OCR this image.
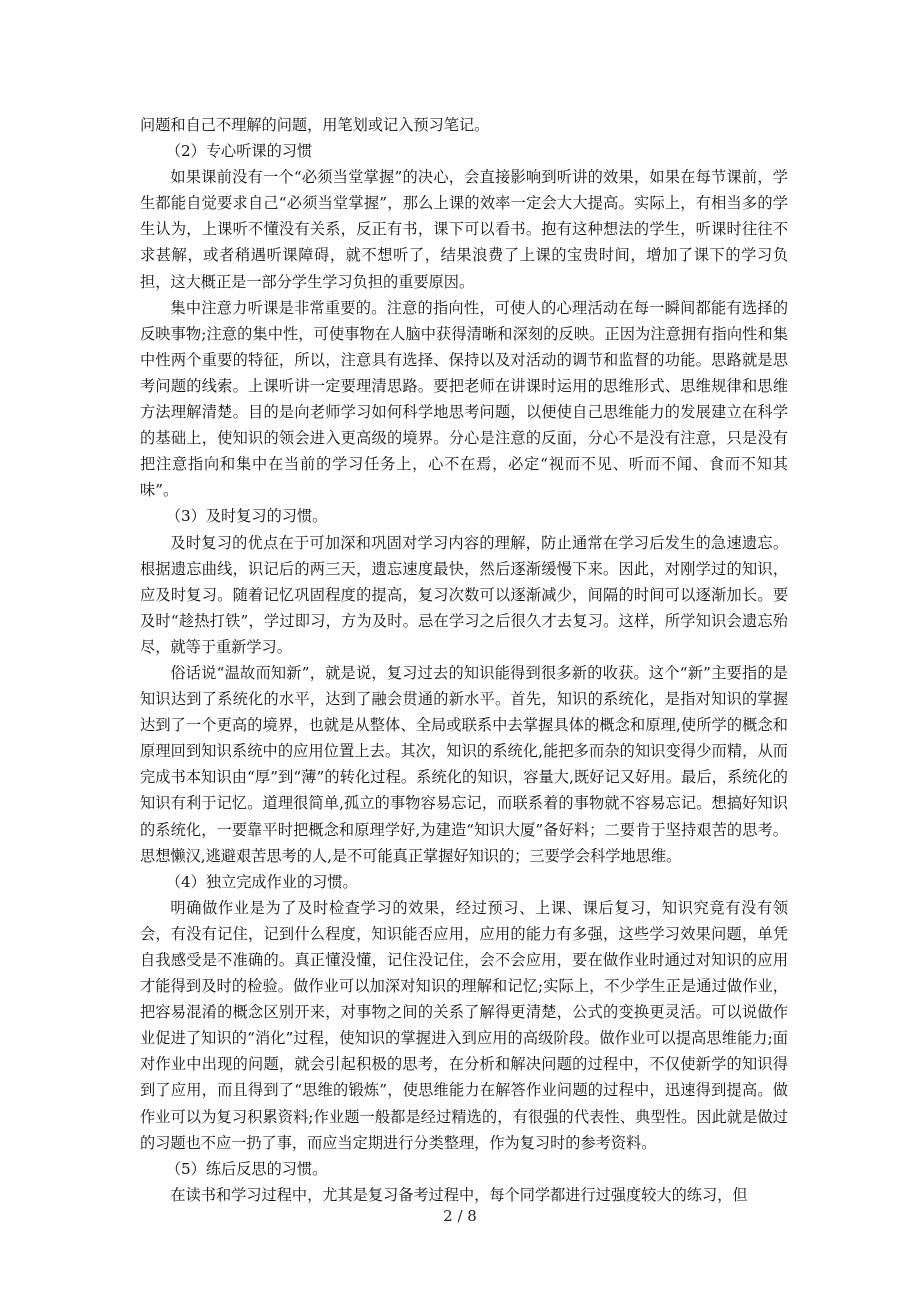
问题和自己不理解的问题，用笔划或记入预习笔记。

（2）专心听课的习惯

如果课前没有一个“必须当堂掌握”的决心，会直接影响到听讲的效果，如果在每节课前，学生都能自觉要求自己“必须当堂掌握”，那么上课的效率一定会大大提高。实际上，有相当多的学生认为，上课听不懂没有关系，反正有书，课下可以看书。抱有这种想法的学生，听课时往往不求甚解，或者稍遇听课障碍，就不想听了，结果浪费了上课的宝贵时间，增加了课下的学习负担，这大概正是一部分学生学习负担的重要原因。

集中注意力听课是非常重要的。注意的指向性，可使人的心理活动在每一瞬间都能有选择的反映事物;注意的集中性，可使事物在人脑中获得清晰和深刻的反映。正因为注意拥有指向性和集中性两个重要的特征，所以，注意具有选择、保持以及对活动的调节和监督的功能。思路就是思考问题的线索。上课听讲一定要理清思路。要把老师在讲课时运用的思维形式、思维规律和思维方法理解清楚。目的是向老师学习如何科学地思考问题，以便使自己思维能力的发展建立在科学的基础上，使知识的领会进入更高级的境界。分心是注意的反面，分心不是没有注意，只是没有把注意指向和集中在当前的学习任务上，心不在焉，必定“视而不见、听而不闻、食而不知其味”。

（3）及时复习的习惯。

及时复习的优点在于可加深和巩固对学习内容的理解，防止通常在学习后发生的急速遗忘。根据遗忘曲线，识记后的两三天，遗忘速度最快，然后逐渐缓慢下来。因此，对刚学过的知识，应及时复习。随着记忆巩固程度的提高，复习次数可以逐渐减少，间隔的时间可以逐渐加长。要及时“趁热打铁”，学过即习，方为及时。忌在学习之后很久才去复习。这样，所学知识会遗忘殆尽，就等于重新学习。

俗话说“温故而知新”，就是说，复习过去的知识能得到很多新的收获。这个“新”主要指的是知识达到了系统化的水平，达到了融会贯通的新水平。首先，知识的系统化，是指对知识的掌握达到了一个更高的境界，也就是从整体、全局或联系中去掌握具体的概念和原理,使所学的概念和原理回到知识系统中的应用位置上去。其次，知识的系统化,能把多而杂的知识变得少而精，从而完成书本知识由“厚”到“薄”的转化过程。系统化的知识，容量大,既好记又好用。最后，系统化的知识有利于记忆。道理很简单,孤立的事物容易忘记，而联系着的事物就不容易忘记。想搞好知识的系统化，一要靠平时把概念和原理学好,为建造“知识大厦”备好料；二要肯于坚持艰苦的思考。思想懒汉,逃避艰苦思考的人,是不可能真正掌握好知识的；三要学会科学地思维。

（4）独立完成作业的习惯。

明确做作业是为了及时检查学习的效果，经过预习、上课、课后复习，知识究竟有没有领会，有没有记住，记到什么程度，知识能否应用，应用的能力有多强，这些学习效果问题，单凭自我感受是不准确的。真正懂没懂，记住没记住，会不会应用，要在做作业时通过对知识的应用才能得到及时的检验。做作业可以加深对知识的理解和记忆;实际上，不少学生正是通过做作业，把容易混淆的概念区别开来，对事物之间的关系了解得更清楚，公式的变换更灵活。可以说做作业促进了知识的“消化”过程，使知识的掌握进入到应用的高级阶段。做作业可以提高思维能力;面对作业中出现的问题，就会引起积极的思考，在分析和解决问题的过程中，不仅使新学的知识得到了应用，而且得到了“思维的锻炼”，使思维能力在解答作业问题的过程中，迅速得到提高。做作业可以为复习积累资料;作业题一般都是经过精选的，有很强的代表性、典型性。因此就是做过的习题也不应一扔了事，而应当定期进行分类整理，作为复习时的参考资料。

（5）练后反思的习惯。

在读书和学习过程中，尤其是复习备考过程中，每个同学都进行过强度较大的练习，但

2 / 8
